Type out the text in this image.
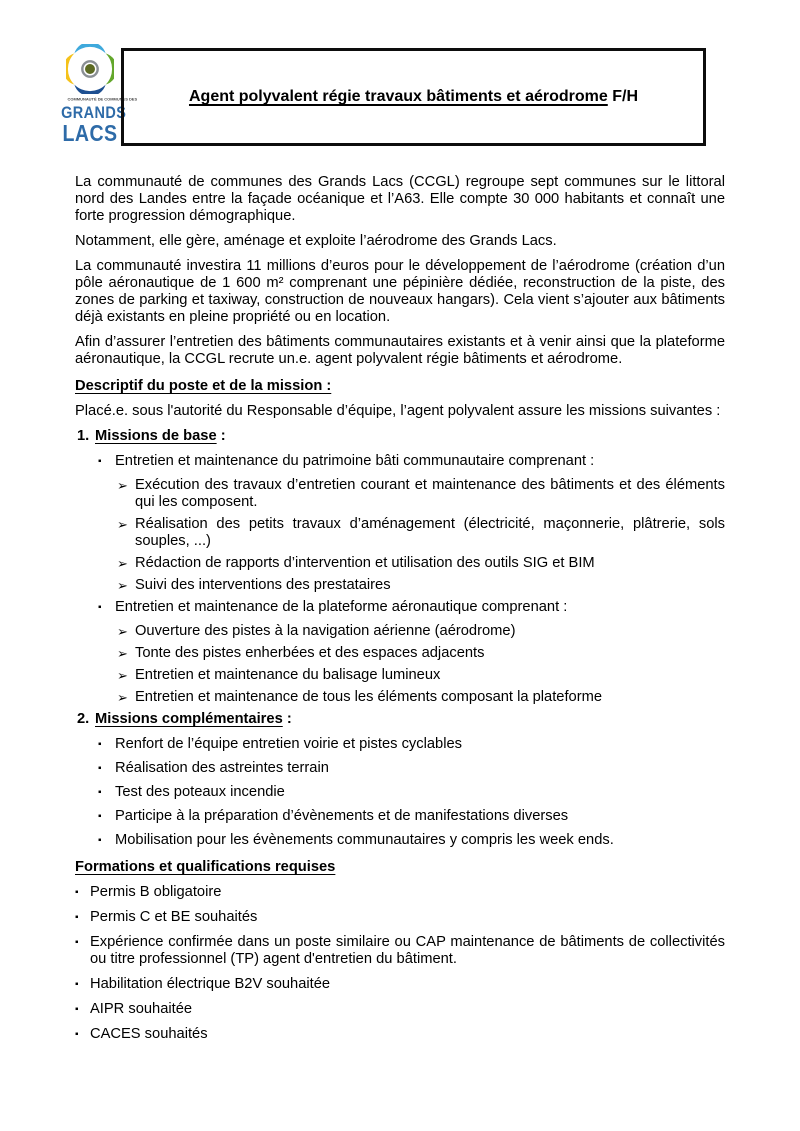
COMMUNAUTÉ DE COMMUNES DES
GRANDS
LACS
Agent polyvalent régie travaux bâtiments et aérodrome F/H

La communauté de communes des Grands Lacs (CCGL) regroupe sept communes sur le littoral nord des Landes entre la façade océanique et l’A63. Elle compte 30 000 habitants et connaît une forte progression démographique.

Notamment, elle gère, aménage et exploite l’aérodrome des Grands Lacs.

La communauté investira 11 millions d’euros pour le développement de l’aérodrome (création d’un pôle aéronautique de 1 600 m² comprenant une pépinière dédiée, reconstruction de la piste, des zones de parking et taxiway, construction de nouveaux hangars). Cela vient s’ajouter aux bâtiments déjà existants en pleine propriété ou en location.

Afin d’assurer l’entretien des bâtiments communautaires existants et à venir ainsi que la plateforme aéronautique, la CCGL recrute un.e. agent polyvalent régie bâtiments et aérodrome.

Descriptif du poste et de la mission :

Placé.e. sous l'autorité du Responsable d’équipe, l’agent polyvalent assure les missions suivantes :

1. Missions de base :
▪ Entretien et maintenance du patrimoine bâti communautaire comprenant :
➢ Exécution des travaux d’entretien courant et maintenance des bâtiments et des éléments qui les composent.
➢ Réalisation des petits travaux d’aménagement (électricité, maçonnerie, plâtrerie, sols souples, ...)
➢ Rédaction de rapports d’intervention et utilisation des outils SIG et BIM
➢ Suivi des interventions des prestataires
▪ Entretien et maintenance de la plateforme aéronautique comprenant :
➢ Ouverture des pistes à la navigation aérienne (aérodrome)
➢ Tonte des pistes enherbées et des espaces adjacents
➢ Entretien et maintenance du balisage lumineux
➢ Entretien et maintenance de tous les éléments composant la plateforme
2. Missions complémentaires :
▪ Renfort de l’équipe entretien voirie et pistes cyclables
▪ Réalisation des astreintes terrain
▪ Test des poteaux incendie
▪ Participe à la préparation d’évènements et de manifestations diverses
▪ Mobilisation pour les évènements communautaires y compris les week ends.
Formations et qualifications requises
▪ Permis B obligatoire
▪ Permis C et BE souhaités
▪ Expérience confirmée dans un poste similaire ou CAP maintenance de bâtiments de collectivités ou titre professionnel (TP) agent d'entretien du bâtiment.
▪ Habilitation électrique B2V souhaitée
▪ AIPR souhaitée
▪ CACES souhaités
